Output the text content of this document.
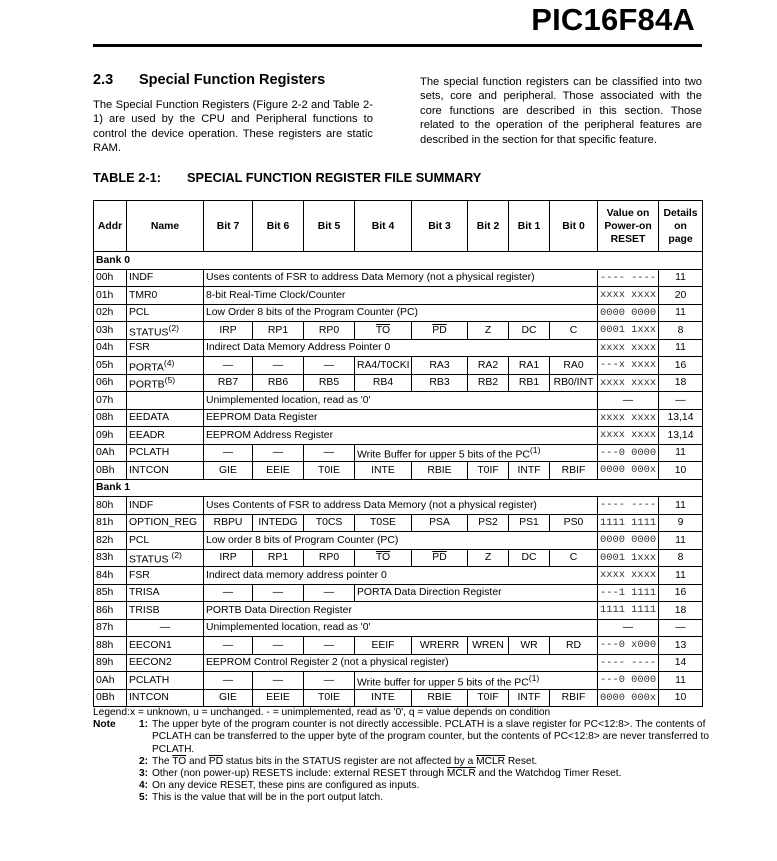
PIC16F84A
2.3 Special Function Registers
The Special Function Registers (Figure 2-2 and Table 2-1) are used by the CPU and Peripheral functions to control the device operation. These registers are static RAM.
The special function registers can be classified into two sets, core and peripheral. Those associated with the core functions are described in this section. Those related to the operation of the peripheral features are described in the section for that specific feature.
TABLE 2-1: SPECIAL FUNCTION REGISTER FILE SUMMARY
Addr	Name	Bit 7	Bit 6	Bit 5	Bit 4	Bit 3	Bit 2	Bit 1	Bit 0	Value on Power-on RESET	Details on page
Bank 0											
00h	INDF	Uses contents of FSR to address Data Memory (not a physical register)								---- ----	11
01h	TMR0	8-bit Real-Time Clock/Counter								xxxx xxxx	20
02h	PCL	Low Order 8 bits of the Program Counter (PC)								0000 0000	11
03h	STATUS$^{(2)}$	IRP	RP1	RP0	$\overline{TO}$	$\overline{PD}$	Z	DC	C	0001 1xxx	8
04h	FSR	Indirect Data Memory Address Pointer 0								xxxx xxxx	11
05h	PORTA$^{(4)}$	—	—	—	RA4/T0CKI	RA3	RA2	RA1	RA0	---x xxxx	16
06h	PORTB$^{(5)}$	RB7	RB6	RB5	RB4	RB3	RB2	RB1	RB0/INT	xxxx xxxx	18
07h		Unimplemented location, read as '0'								—	—
08h	EEDATA	EEPROM Data Register								xxxx xxxx	13,14
09h	EEADR	EEPROM Address Register								xxxx xxxx	13,14
0Ah	PCLATH	—	—	—	Write Buffer for upper 5 bits of the PC$^{(1)}$					---0 0000	11
0Bh	INTCON	GIE	EEIE	T0IE	INTE	RBIE	T0IF	INTF	RBIF	0000 000x	10
Bank 1											
80h	INDF	Uses Contents of FSR to address Data Memory (not a physical register)								---- ----	11
81h	OPTION_REG	RBPU	INTEDG	T0CS	T0SE	PSA	PS2	PS1	PS0	1111 1111	9
82h	PCL	Low order 8 bits of Program Counter (PC)								0000 0000	11
83h	STATUS $^{(2)}$	IRP	RP1	RP0	$\overline{TO}$	$\overline{PD}$	Z	DC	C	0001 1xxx	8
84h	FSR	Indirect data memory address pointer 0								xxxx xxxx	11
85h	TRISA	—	—	—	PORTA Data Direction Register					---1 1111	16
86h	TRISB	PORTB Data Direction Register								1111 1111	18
87h	—	Unimplemented location, read as '0'								—	—
88h	EECON1	—	—	—	EEIF	WRERR	WREN	WR	RD	---0 x000	13
89h	EECON2	EEPROM Control Register 2 (not a physical register)								---- ----	14
0Ah	PCLATH	—	—	—	Write buffer for upper 5 bits of the PC$^{(1)}$					---0 0000	11
0Bh	INTCON	GIE	EEIE	T0IE	INTE	RBIE	T0IF	INTF	RBIF	0000 000x	10
Legend: x = unknown, u = unchanged. - = unimplemented, read as '0', q = value depends on condition
Note	1: The upper byte of the program counter is not directly accessible. PCLATH is a slave register for PC<12:8>. The contents of PCLATH can be transferred to the upper byte of the program counter, but the contents of PC<12:8> are never transferred to PCLATH.
2: The $\overline{TO}$ and $\overline{PD}$ status bits in the STATUS register are not affected by a MCLR Reset.
3: Other (non power-up) RESETS include: external RESET through MCLR and the Watchdog Timer Reset.
4: On any device RESET, these pins are configured as inputs.
5: This is the value that will be in the port output latch.
